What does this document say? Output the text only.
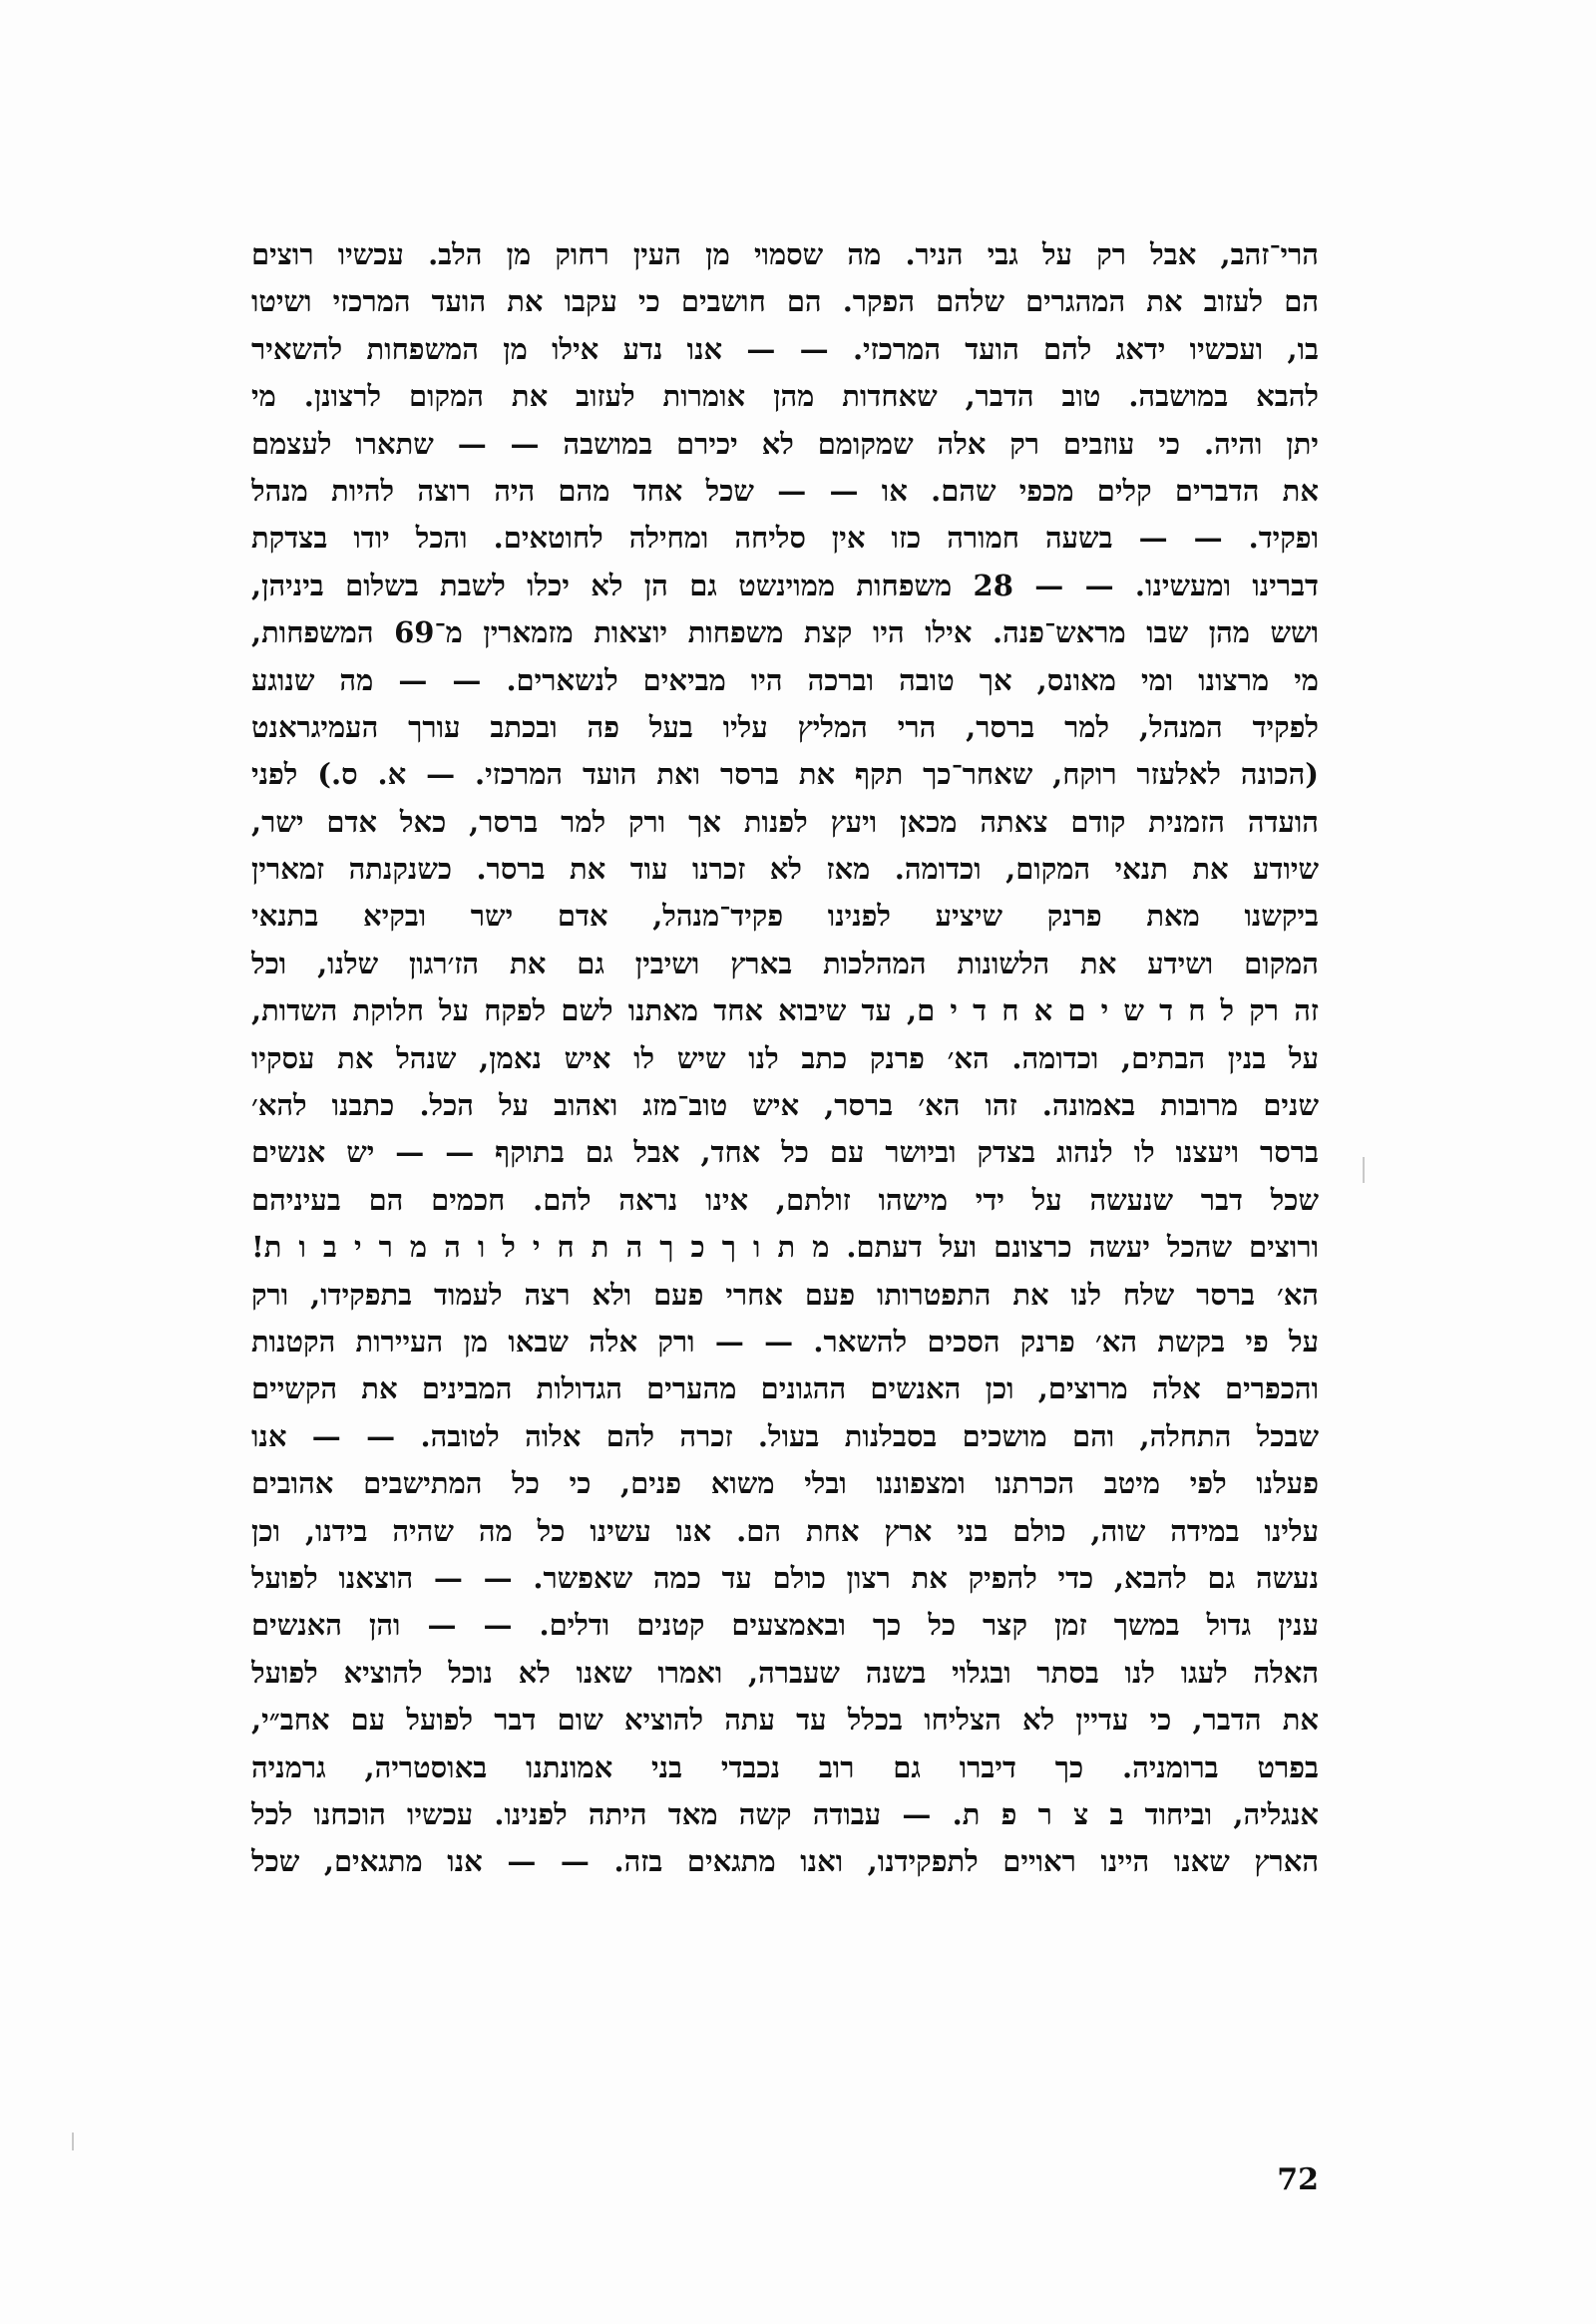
הרי־זהב, אבל רק על גבי הניר. מה שסמוי מן העין רחוק מן הלב. עכשיו רוצים
הם לעזוב את המהגרים שלהם הפקר. הם חושבים כי עקבו את הועד המרכזי ושיטו
בו, ועכשיו ידאג להם הועד המרכזי. — — אנו נדע אילו מן המשפחות להשאיר
להבא במושבה. טוב הדבר, שאחדות מהן אומרות לעזוב את המקום לרצונן. מי
יתן והיה. כי עוזבים רק אלה שמקומם לא יכירם במושבה — — שתארו לעצמם
את הדברים קלים מכפי שהם. או — — שכל אחד מהם היה רוצה להיות מנהל
ופקיד. — — בשעה חמורה כזו אין סליחה ומחילה לחוטאים. והכל יודו בצדקת
דברינו ומעשינו. — — 28 משפחות ממוינשט גם הן לא יכלו לשבת בשלום ביניהן,
ושש מהן שבו מראש־פנה. אילו היו קצת משפחות יוצאות מזמארין מ־69 המשפחות,
מי מרצונו ומי מאונס, אך טובה וברכה היו מביאים לנשארים. — — מה שנוגע
לפקיד המנהל, למר ברסר, הרי המליץ עליו בעל פה ובכתב עורך העמיגראנט
(הכונה לאלעזר רוקח, שאחר־כך תקף את ברסר ואת הועד המרכזי. — א. ס.) לפני
הועדה הזמנית קודם צאתה מכאן ויעץ לפנות אך ורק למר ברסר, כאל אדם ישר,
שיודע את תנאי המקום, וכדומה. מאז לא זכרנו עוד את ברסר. כשנקנתה זמארין
ביקשנו מאת פרנק שיציע לפנינו פקיד־מנהל, אדם ישר ובקיא בתנאי
המקום ושידע את הלשונות המהלכות בארץ ושיבין גם את הז׳רגון שלנו, וכל
זה רק ל ח ד ש י ם א ח ד י ם, עד שיבוא אחד מאתנו לשם לפקח על חלוקת השדות,
על בנין הבתים, וכדומה. הא׳ פרנק כתב לנו שיש לו איש נאמן, שנהל את עסקיו
שנים מרובות באמונה. זהו הא׳ ברסר, איש טוב־מזג ואהוב על הכל. כתבנו להא׳
ברסר ויעצנו לו לנהוג בצדק וביושר עם כל אחד, אבל גם בתוקף — — יש אנשים
שכל דבר שנעשה על ידי מישהו זולתם, אינו נראה להם. חכמים הם בעיניהם
ורוצים שהכל יעשה כרצונם ועל דעתם. מ ת ו ך כ ך ה ת ח י ל ו ה מ ר י ב ו ת!
הא׳ ברסר שלח לנו את התפטרותו פעם אחרי פעם ולא רצה לעמוד בתפקידו, ורק
על פי בקשת הא׳ פרנק הסכים להשאר. — — ורק אלה שבאו מן העיירות הקטנות
והכפרים אלה מרוצים, וכן האנשים ההגונים מהערים הגדולות המבינים את הקשיים
שבכל התחלה, והם מושכים בסבלנות בעול. זכרה להם אלוה לטובה. — — אנו
פעלנו לפי מיטב הכרתנו ומצפוננו ובלי משוא פנים, כי כל המתישבים אהובים
עלינו במידה שוה, כולם בני ארץ אחת הם. אנו עשינו כל מה שהיה בידנו, וכן
נעשה גם להבא, כדי להפיק את רצון כולם עד כמה שאפשר. — — הוצאנו לפועל
ענין גדול במשך זמן קצר כל כך ובאמצעים קטנים ודלים. — — והן האנשים
האלה לעגו לנו בסתר ובגלוי בשנה שעברה, ואמרו שאנו לא נוכל להוציא לפועל
את הדבר, כי עדיין לא הצליחו בכלל עד עתה להוציא שום דבר לפועל עם אחב״י,
בפרט ברומניה. כך דיברו גם רוב נכבדי בני אמונתנו באוסטריה, גרמניה
אנגליה, וביחוד ב צ ר פ ת. — עבודה קשה מאד היתה לפנינו. עכשיו הוכחנו לכל
הארץ שאנו היינו ראויים לתפקידנו, ואנו מתגאים בזה. — — אנו מתגאים, שכל
72
